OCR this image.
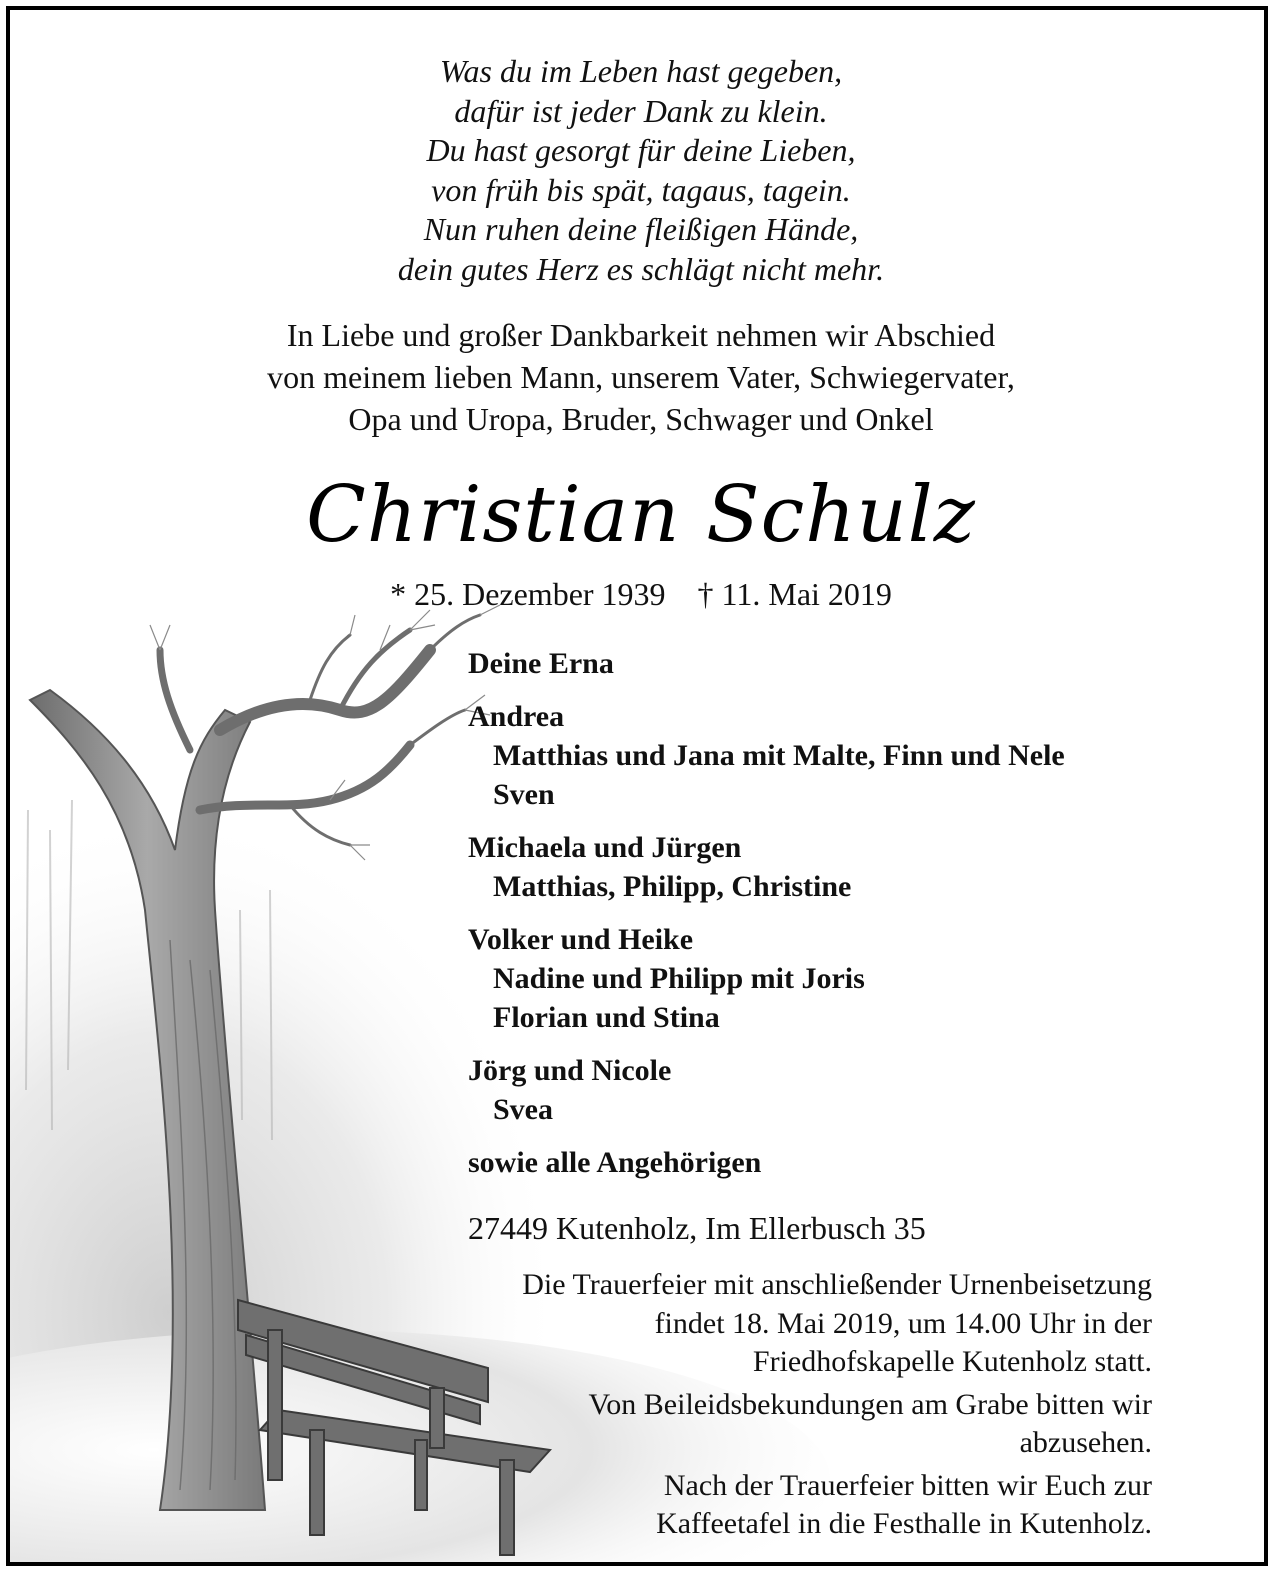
Was du im Leben hast gegeben,
dafür ist jeder Dank zu klein.
Du hast gesorgt für deine Lieben,
von früh bis spät, tagaus, tagein.
Nun ruhen deine fleißigen Hände,
dein gutes Herz es schlägt nicht mehr.
In Liebe und großer Dankbarkeit nehmen wir Abschied
von meinem lieben Mann, unserem Vater, Schwiegervater,
Opa und Uropa, Bruder, Schwager und Onkel
Christian Schulz
* 25. Dezember 1939 † 11. Mai 2019
Deine Erna
Andrea
Matthias und Jana mit Malte, Finn und Nele
Sven
Michaela und Jürgen
Matthias, Philipp, Christine
Volker und Heike
Nadine und Philipp mit Joris
Florian und Stina
Jörg und Nicole
Svea
sowie alle Angehörigen
27449 Kutenholz, Im Ellerbusch 35
Die Trauerfeier mit anschließender Urnenbeisetzung
findet 18. Mai 2019, um 14.00 Uhr in der
Friedhofskapelle Kutenholz statt.
Von Beileidsbekundungen am Grabe bitten wir
abzusehen.
Nach der Trauerfeier bitten wir Euch zur
Kaffeetafel in die Festhalle in Kutenholz.
